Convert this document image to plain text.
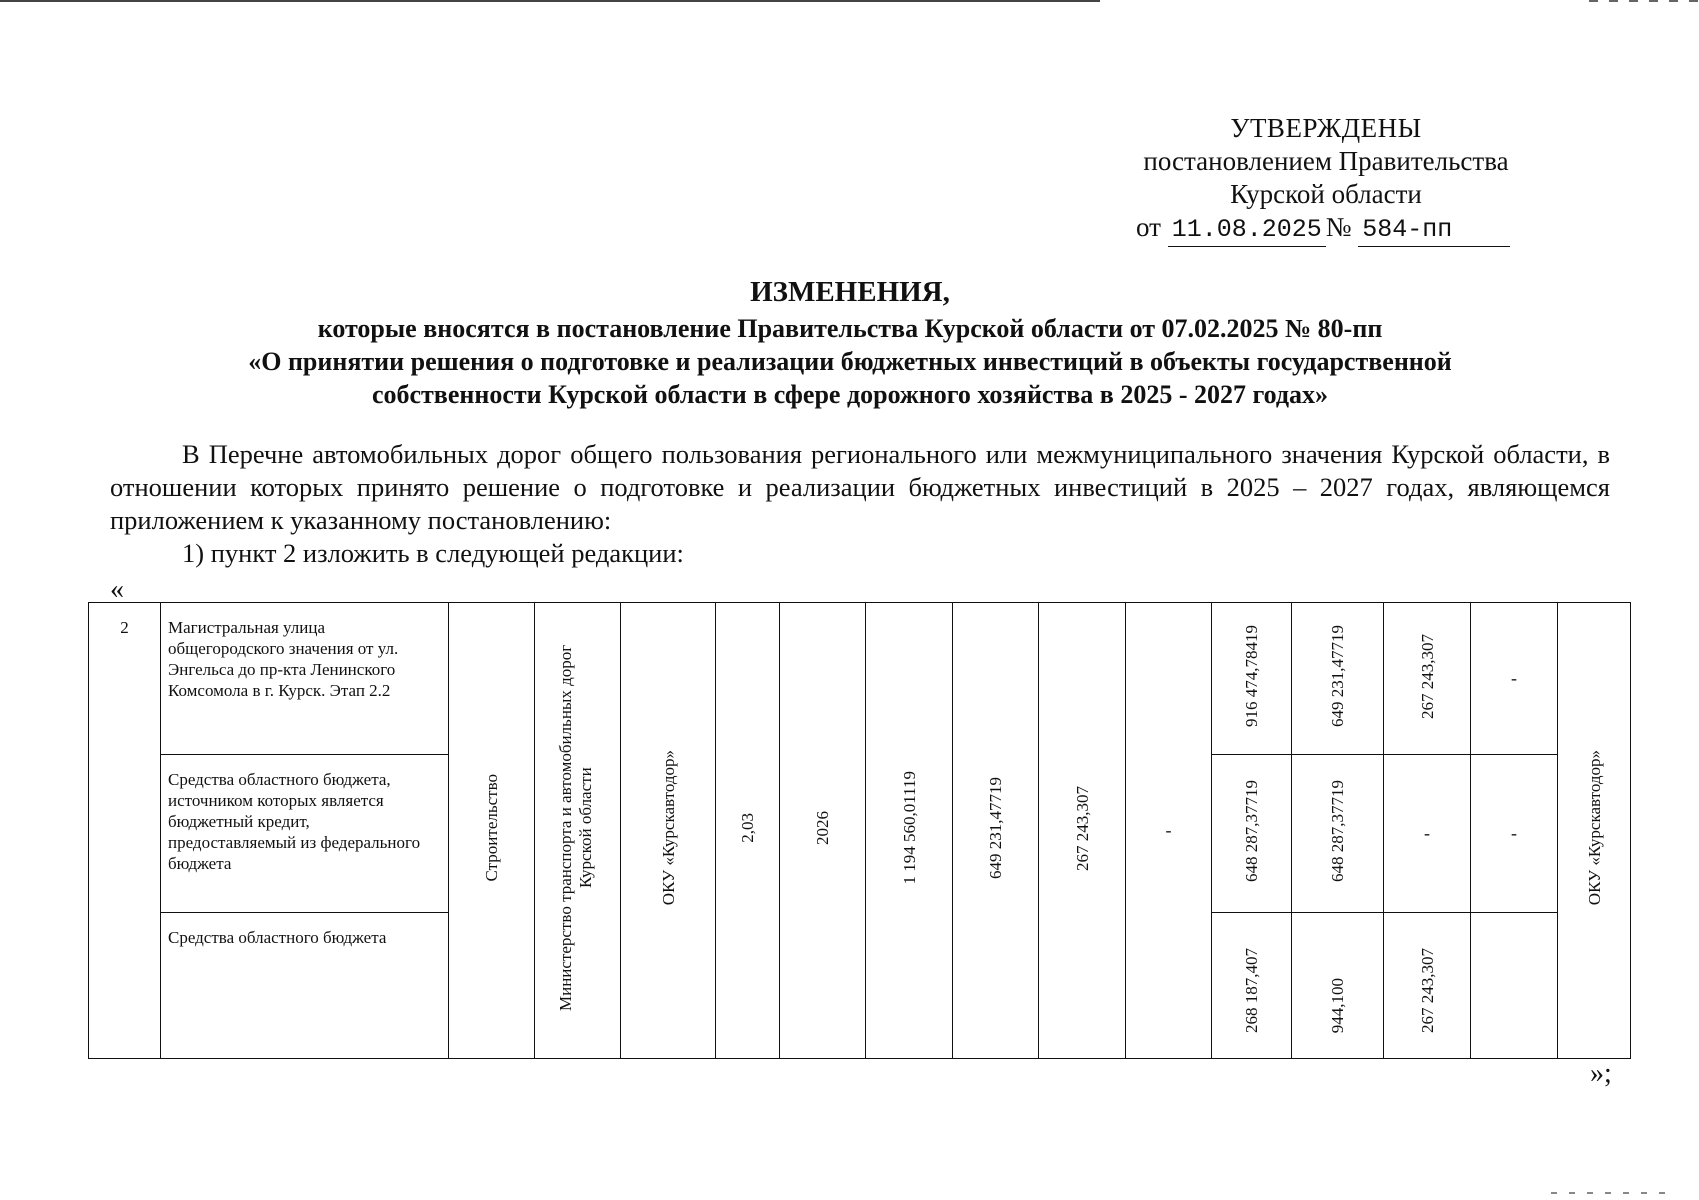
УТВЕРЖДЕНЫ
постановлением Правительства
Курской области
от 11.08.2025 № 584-пп
ИЗМЕНЕНИЯ,
которые вносятся в постановление Правительства Курской области от 07.02.2025 № 80-пп
«О принятии решения о подготовке и реализации бюджетных инвестиций в объекты государственной
собственности Курской области в сфере дорожного хозяйства в 2025 - 2027 годах»

В Перечне автомобильных дорог общего пользования регионального или межмуниципального значения Курской области, в отношении которых принято решение о подготовке и реализации бюджетных инвестиций в 2025 – 2027 годах, являющемся приложением к указанному постановлению:

1) пункт 2 изложить в следующей редакции:

«
2	Магистральная улица общегородского значения от ул. Энгельса до пр-кта Ленинского Комсомола в г. Курск. Этап 2.2	Строительство	Министерство транспорта и автомобильных дорог Курской области	ОКУ «Курскавтодор»	2,03	2026	1 194 560,01119	649 231,47719	267 243,307	-	916 474,78419	649 231,47719	267 243,307	-	ОКУ «Курскавтодор»
	Средства областного бюджета, источником которых является бюджетный кредит, предоставляемый из федерального бюджета										648 287,37719	648 287,37719	-	-	
	Средства областного бюджета										268 187,407	944,100	267 243,307		
»;
